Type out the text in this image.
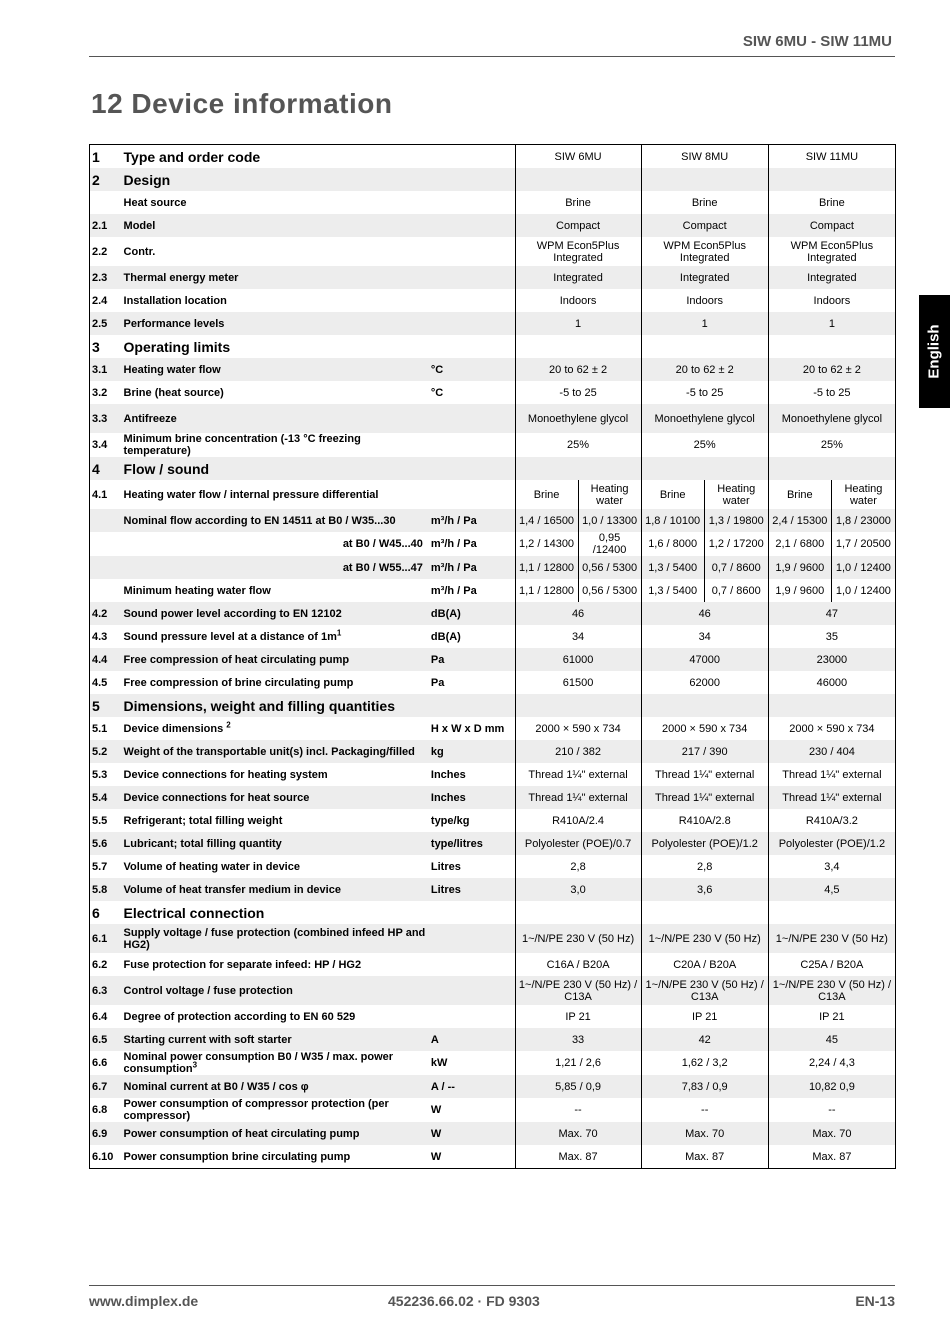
SIW 6MU - SIW 11MU
12 Device information
English
1	Type and order code		SIW 6MU		SIW 8MU		SIW 11MU	
2	Design							
	Heat source		Brine		Brine		Brine	
2.1	Model		Compact		Compact		Compact	
2.2	Contr.		WPM Econ5Plus Integrated		WPM Econ5Plus Integrated		WPM Econ5Plus Integrated	
2.3	Thermal energy meter		Integrated		Integrated		Integrated	
2.4	Installation location		Indoors		Indoors		Indoors	
2.5	Performance levels		1		1		1	
3	Operating limits							
3.1	Heating water flow	°C	20 to 62 ± 2		20 to 62 ± 2		20 to 62 ± 2	
3.2	Brine (heat source)	°C	-5 to 25		-5 to 25		-5 to 25	
3.3	Antifreeze		Monoethylene glycol		Monoethylene glycol		Monoethylene glycol	
3.4	Minimum brine concentration (-13 °C freezing temperature)		25%		25%		25%	
4	Flow / sound							
4.1	Heating water flow / internal pressure differential		Brine	Heating water	Brine	Heating water	Brine	Heating water
	Nominal flow according to EN 14511 at B0 / W35...30	m³/h / Pa	1,4 / 16500	1,0 / 13300	1,8 / 10100	1,3 / 19800	2,4 / 15300	1,8 / 23000
	at B0 / W45...40	m³/h / Pa	1,2 / 14300	0,95 /12400	1,6 / 8000	1,2 / 17200	2,1 / 6800	1,7 / 20500
	at B0 / W55...47	m³/h / Pa	1,1 / 12800	0,56 / 5300	1,3 / 5400	0,7 / 8600	1,9 / 9600	1,0 / 12400
	Minimum heating water flow	m³/h / Pa	1,1 / 12800	0,56 / 5300	1,3 / 5400	0,7 / 8600	1,9 / 9600	1,0 / 12400
4.2	Sound power level according to EN 12102	dB(A)	46		46		47	
4.3	Sound pressure level at a distance of $1m^1$	dB(A)	34		34		35	
4.4	Free compression of heat circulating pump	Pa	61000		47000		23000	
4.5	Free compression of brine circulating pump	Pa	61500		62000		46000	
5	Dimensions, weight and filling quantities							
5.1	Device dimensions $^2$	H x W x D mm	2000 × 590 x 734		2000 × 590 x 734		2000 × 590 x 734	
5.2	Weight of the transportable unit(s) incl. Packaging/filled	kg	210 / 382		217 / 390		230 / 404	
5.3	Device connections for heating system	Inches	Thread 1¼" external		Thread 1¼" external		Thread 1¼" external	
5.4	Device connections for heat source	Inches	Thread 1¼" external		Thread 1¼" external		Thread 1¼" external	
5.5	Refrigerant; total filling weight	type/kg	R410A/2.4		R410A/2.8		R410A/3.2	
5.6	Lubricant; total filling quantity	type/litres	Polyolester (POE)/0.7		Polyolester (POE)/1.2		Polyolester (POE)/1.2	
5.7	Volume of heating water in device	Litres	2,8		2,8		3,4	
5.8	Volume of heat transfer medium in device	Litres	3,0		3,6		4,5	
6	Electrical connection							
6.1	Supply voltage / fuse protection (combined infeed HP and HG2)		1~/N/PE 230 V (50 Hz)		1~/N/PE 230 V (50 Hz)		1~/N/PE 230 V (50 Hz)	
6.2	Fuse protection for separate infeed: HP / HG2		C16A / B20A		C20A / B20A		C25A / B20A	
6.3	Control voltage / fuse protection		1~/N/PE 230 V (50 Hz) / C13A		1~/N/PE 230 V (50 Hz) / C13A		1~/N/PE 230 V (50 Hz) / C13A	
6.4	Degree of protection according to EN 60 529		IP 21		IP 21		IP 21	
6.5	Starting current with soft starter	A	33		42		45	
6.6	Nominal power consumption B0 / W35 / max. power consumption$^3$	kW	1,21 / 2,6		1,62 / 3,2		2,24 / 4,3	
6.7	Nominal current at B0 / W35 / cos φ	A / --	5,85 / 0,9		7,83 / 0,9		10,82 0,9	
6.8	Power consumption of compressor protection (per compressor)	W	--		--		--	
6.9	Power consumption of heat circulating pump	W	Max. 70		Max. 70		Max. 70	
6.10	Power consumption brine circulating pump	W	Max. 87		Max. 87		Max. 87	
www.dimplex.de	452236.66.02 · FD 9303	EN-13
